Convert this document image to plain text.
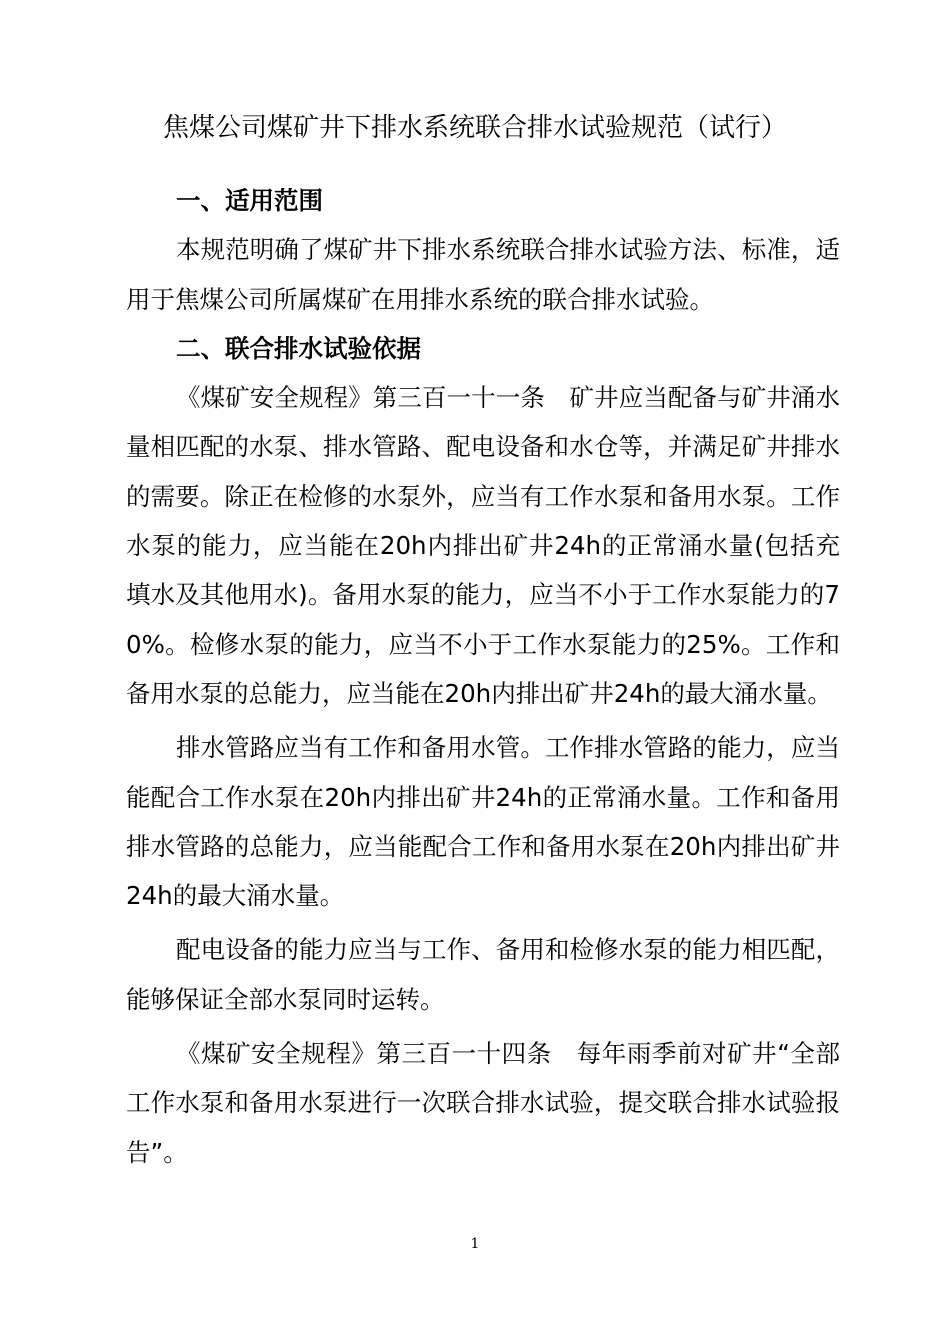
焦煤公司煤矿井下排水系统联合排水试验规范（试行）
一、适用范围

本规范明确了煤矿井下排水系统联合排水试验方法、标准，适用于焦煤公司所属煤矿在用排水系统的联合排水试验。

二、联合排水试验依据

《煤矿安全规程》第三百一十一条　矿井应当配备与矿井涌水量相匹配的水泵、排水管路、配电设备和水仓等，并满足矿井排水的需要。除正在检修的水泵外，应当有工作水泵和备用水泵。工作水泵的能力，应当能在20h内排出矿井24h的正常涌水量(包括充填水及其他用水)。备用水泵的能力，应当不小于工作水泵能力的70%。检修水泵的能力，应当不小于工作水泵能力的25%。工作和备用水泵的总能力，应当能在20h内排出矿井24h的最大涌水量。

排水管路应当有工作和备用水管。工作排水管路的能力，应当能配合工作水泵在20h内排出矿井24h的正常涌水量。工作和备用排水管路的总能力，应当能配合工作和备用水泵在20h内排出矿井24h的最大涌水量。

配电设备的能力应当与工作、备用和检修水泵的能力相匹配，能够保证全部水泵同时运转。

《煤矿安全规程》第三百一十四条　每年雨季前对矿井“全部工作水泵和备用水泵进行一次联合排水试验，提交联合排水试验报告”。

1
